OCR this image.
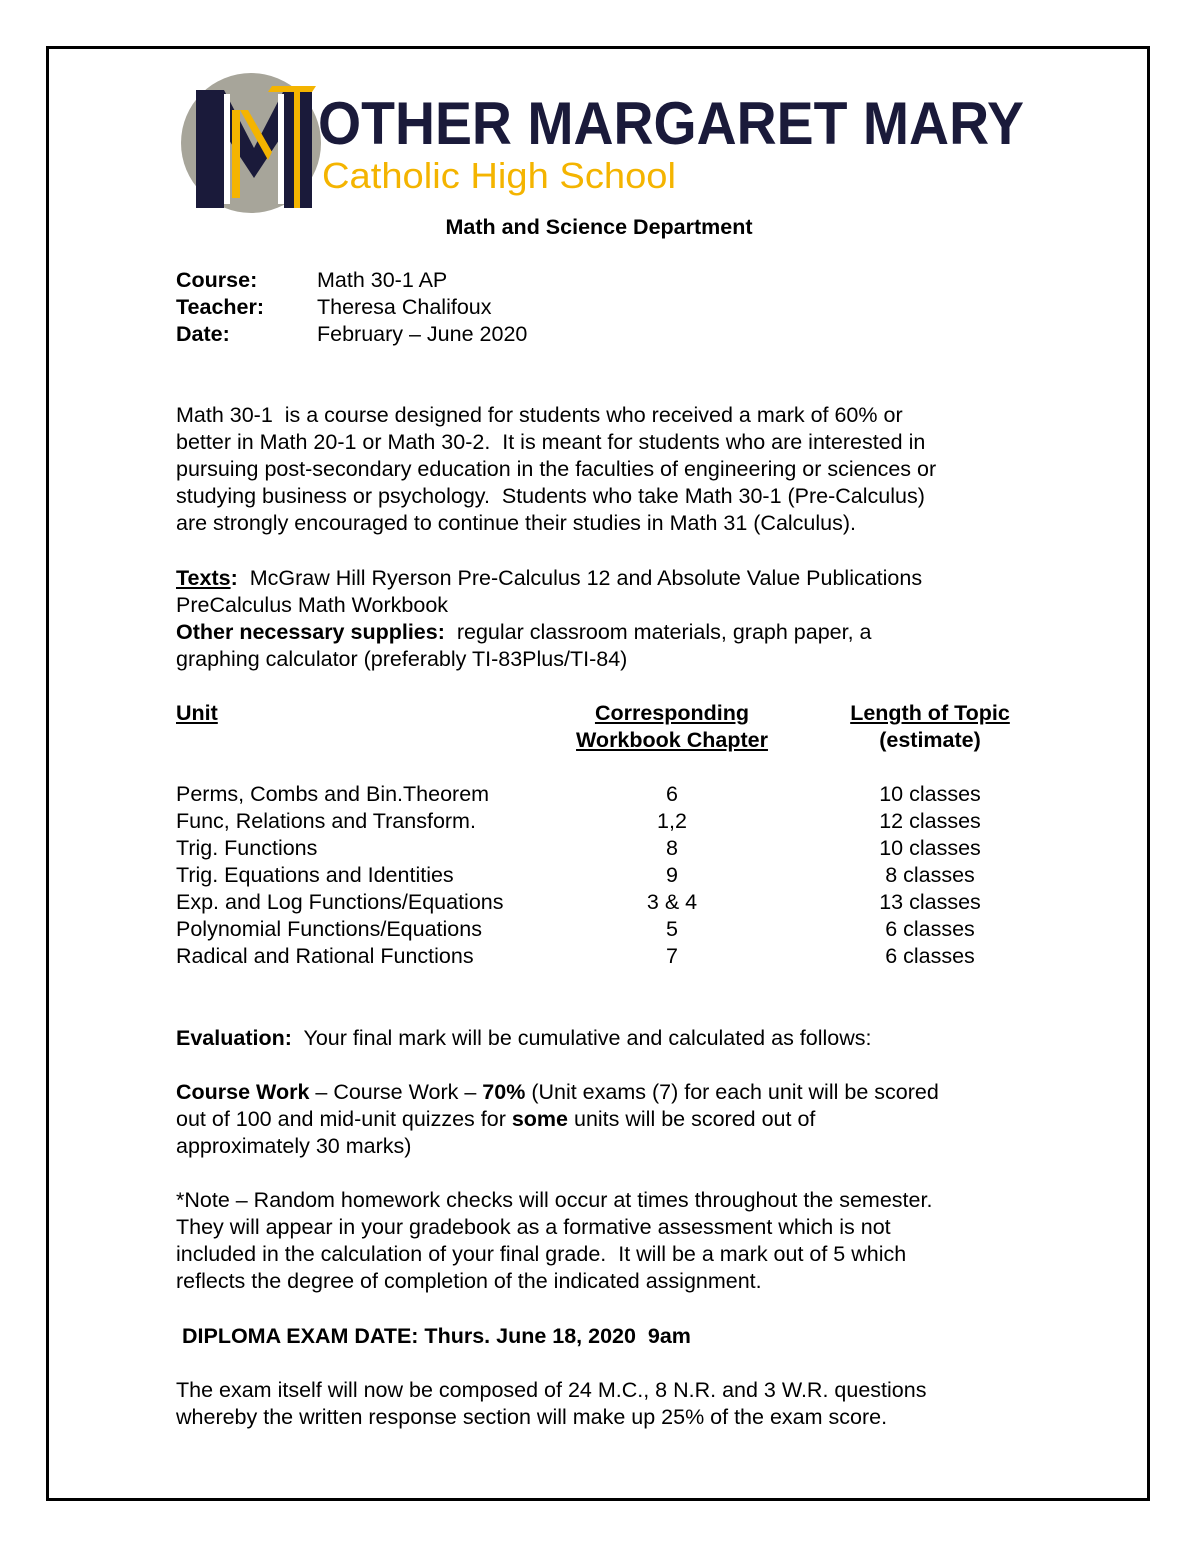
OTHER MARGARET MARY
Catholic High School
Math and Science Department
Course:	Math 30-1 AP
Teacher: Theresa Chalifoux
Date:	February – June 2020

Math 30-1  is a course designed for students who received a mark of 60% or

better in Math 20-1 or Math 30-2.  It is meant for students who are interested in

pursuing post-secondary education in the faculties of engineering or sciences or

studying business or psychology.  Students who take Math 30-1 (Pre-Calculus)

are strongly encouraged to continue their studies in Math 31 (Calculus).

Texts:  McGraw Hill Ryerson Pre-Calculus 12 and Absolute Value Publications

PreCalculus Math Workbook

Other necessary supplies:  regular classroom materials, graph paper, a

graphing calculator (preferably TI-83Plus/TI-84)

Unit	Corresponding	Length of Topic
Workbook Chapter	(estimate)
Perms, Combs and Bin.Theorem	6	10 classes
Func, Relations and Transform.	1,2	12 classes
Trig. Functions	8	10 classes
Trig. Equations and Identities	9	8 classes
Exp. and Log Functions/Equations	3 & 4	13 classes
Polynomial Functions/Equations	5	6 classes
Radical and Rational Functions	7	6 classes

Evaluation:  Your final mark will be cumulative and calculated as follows:

Course Work – Course Work – 70% (Unit exams (7) for each unit will be scored

out of 100 and mid-unit quizzes for some units will be scored out of

approximately 30 marks)

*Note – Random homework checks will occur at times throughout the semester.

They will appear in your gradebook as a formative assessment which is not

included in the calculation of your final grade.  It will be a mark out of 5 which

reflects the degree of completion of the indicated assignment.

DIPLOMA EXAM DATE: Thurs. June 18, 2020  9am

The exam itself will now be composed of 24 M.C., 8 N.R. and 3 W.R. questions

whereby the written response section will make up 25% of the exam score.
